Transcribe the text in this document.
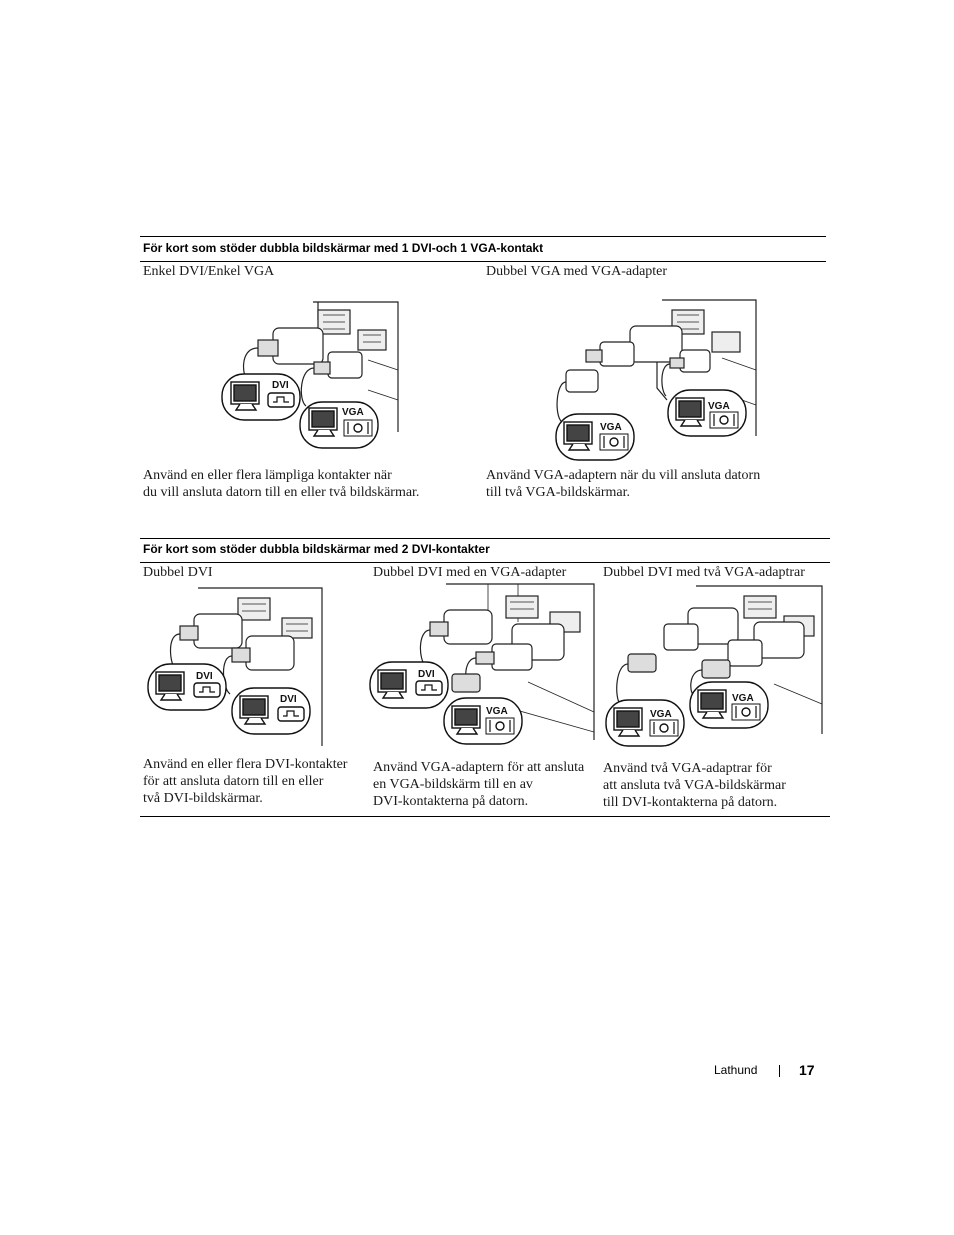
För kort som stöder dubbla bildskärmar med 1 DVI-och 1 VGA-kontakt
Enkel DVI/Enkel VGA	Dubbel VGA med VGA-adapter
DVI
VGA
VGA
VGA
Använd en eller flera lämpliga kontakter när
du vill ansluta datorn till en eller två bildskärmar.
Använd VGA-adaptern när du vill ansluta datorn
till två VGA-bildskärmar.
För kort som stöder dubbla bildskärmar med 2 DVI-kontakter
Dubbel DVI	Dubbel DVI med en VGA-adapter	Dubbel DVI med två VGA-adaptrar
DVI
DVI
DVI
VGA
VGA
VGA
Använd en eller flera DVI-kontakter
för att ansluta datorn till en eller
två DVI-bildskärmar.
Använd VGA-adaptern för att ansluta
en VGA-bildskärm till en av
DVI-kontakterna på datorn.
Använd två VGA-adaptrar för
att ansluta två VGA-bildskärmar
till DVI-kontakterna på datorn.
Lathund	17
